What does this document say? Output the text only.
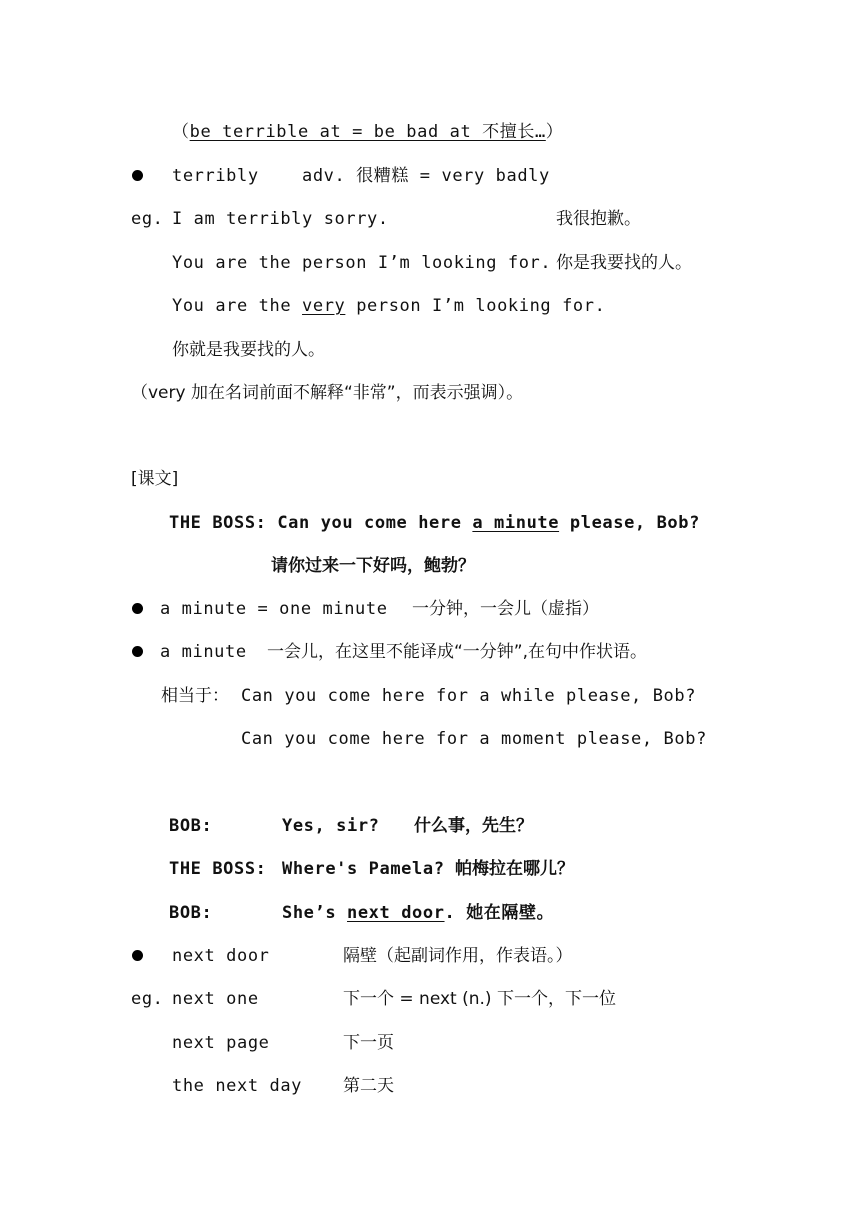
（be terrible at = be bad at 不擅长…）
terribly	adv. 很糟糕 = very badly
eg. I am terribly sorry.	我很抱歉。
You are the person I’m looking for. 你是我要找的人。
You are the very person I’m looking for.
你就是我要找的人。
（very 加在名词前面不解释“非常”，而表示强调）。
[课文]
THE BOSS: Can you come here a minute please, Bob?
请你过来一下好吗，鲍勃？
a minute = one minute 一分钟，一会儿（虚指）
a minute 一会儿，在这里不能译成“一分钟”,在句中作状语。
相当于： Can you come here for a while please, Bob?
Can you come here for a moment please, Bob?
BOB:	Yes, sir? 什么事，先生？
THE BOSS: Where's Pamela? 帕梅拉在哪儿？
BOB:	She’s next door. 她在隔壁。
next door	隔壁（起副词作用，作表语。）
eg. next one	下一个 = next (n.) 下一个，下一位
next page	下一页
the next day 第二天
